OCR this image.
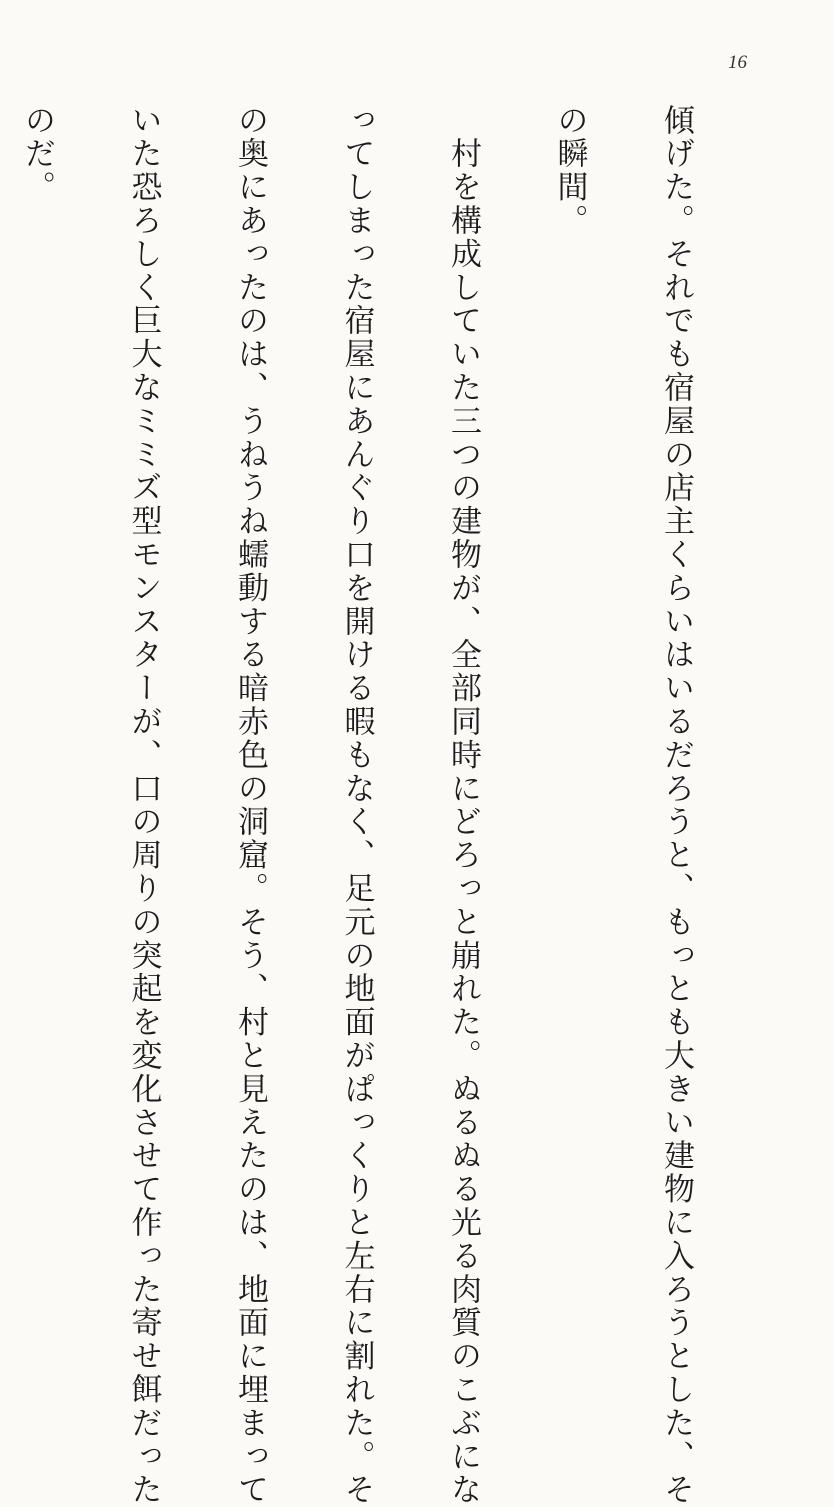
16

傾げた。それでも宿屋の店主くらいはいるだろうと、もっとも大きい建物に入ろうとした、そ

の瞬間。

　村を構成していた三つの建物が、全部同時にどろっと崩れた。ぬるぬる光る肉質のこぶにな

ってしまった宿屋にあんぐり口を開ける暇もなく、足元の地面がぱっくりと左右に割れた。そ

の奥にあったのは、うねうね蠕動する暗赤色の洞窟。そう、村と見えたのは、地面に埋まって

いた恐ろしく巨大なミミズ型モンスターが、口の周りの突起を変化させて作った寄せ餌だった

のだ。
